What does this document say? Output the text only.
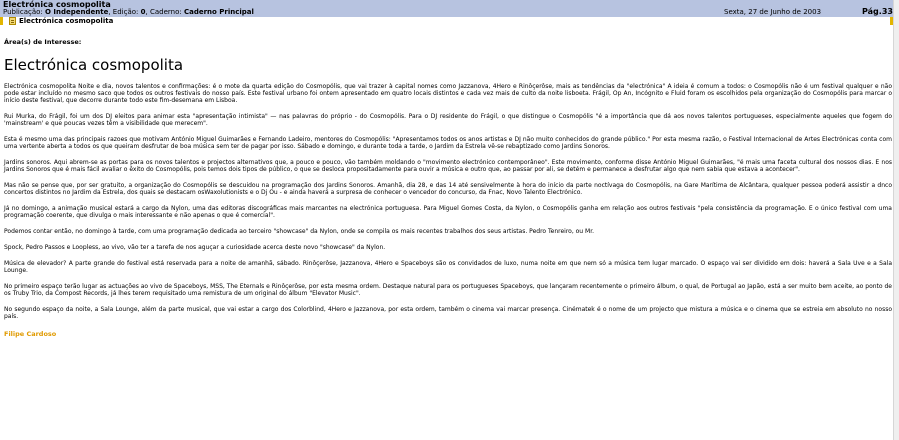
Electrónica cosmopolita
Publicação: O Independente, Edição: 0, Caderno: Caderno Principal	Sexta, 27 de Junho de 2003	Pág.33
Electrónica cosmopolita

Área(s) de Interesse:

Electrónica cosmopolita

Electrónica cosmopolita Noite e dia, novos talentos e confirmações: é o mote da quarta edição do Cosmopólis, que vai trazer à capital nomes como Jazzanova, 4Hero e Rinôçerôse, mais as tendências da "electrónica" A ideia é comum a todos: o Cosmopólis não é um festival qualquer e não pode estar incluído no mesmo saco que todos os outros festivais do nosso país. Este festival urbano foi ontem apresentado em quatro locais distintos e cada vez mais de culto da noite lisboeta. Frágil, Op An, Incógnito e Fluid foram os escolhidos pela organização do Cosmopólis para marcar o início deste festival, que decorre durante todo este fim-desemana em Lisboa.

Rui Murka, do Frágil, foi um dos DJ eleitos para animar esta "apresentação intimista" — nas palavras do próprio - do Cosmopólis. Para o DJ residente do Frágil, o que distingue o Cosmopólis "é a importância que dá aos novos talentos portugueses, especialmente aqueles que fogem do 'mainstream' e que poucas vezes têm a visibilidade que merecem".

Esta é mesmo uma das principais razoes que motivam António Miguel Guimarães e Fernando Ladeiro, mentores do Cosmopólis: "Apresentamos todos os anos artistas e DJ não muito conhecidos do grande público." Por esta mesma razão, o Festival Internacional de Artes Electrónicas conta com uma vertente aberta a todos os que queiram desfrutar de boa música sem ter de pagar por isso. Sábado e domingo, e durante toda a tarde, o Jardim da Estrela vê-se rebaptizado como Jardins Sonoros.

Jardins sonoros. Aqui abrem-se as portas para os novos talentos e projectos alternativos que, a pouco e pouco, vão também moldando o "movimento electrónico contemporâneo". Este movimento, conforme disse António Miguel Guimarães, "é mais uma faceta cultural dos nossos dias. E nos Jardins Sonoros que é mais fácil avaliar o êxito do Cosmopólis, pois temos dois tipos de público, o que se desloca propositadamente para ouvir a música e outro que, ao passar por ali, se detém e permanece a desfrutar algo que nem sabia que estava a acontecer".

Mas não se pense que, por ser gratuito, a organização do Cosmopólis se descuidou na programação dos Jardins Sonoros. Amanhã, dia 28, e das 14 até sensivelmente à hora do início da parte noctívaga do Cosmopólis, na Gare Marítima de Alcântara, qualquer pessoa poderá assistir a dnco concertos distintos no Jardim da Estrela, dos quais se destacam osWaxolutionists e o Dj Ou - e ainda haverá a surpresa de conhecer o vencedor do concurso, da Fnac, Novo Talento Electrónico.

Já no domingo, a animação musical estará a cargo da Nylon, uma das editoras discográficas mais marcantes na electrónica portuguesa. Para Miguel Gomes Costa, da Nylon, o Cosmopólis ganha em relação aos outros festivais "pela consistência da programação. E o único festival com uma programação coerente, que divulga o mais interessante e não apenas o que é comercial".

Podemos contar então, no domingo à tarde, com uma programação dedicada ao terceiro "showcase" da Nylon, onde se compila os mais recentes trabalhos dos seus artistas. Pedro Tenreiro, ou Mr.

Spock, Pedro Passos e Loopless, ao vivo, vão ter a tarefa de nos aguçar a curiosidade acerca deste novo "showcase" da Nylon.

Música de elevador? A parte grande do festival está reservada para a noite de amanhã, sábado. Rinôçerôse, Jazzanova, 4Hero e Spaceboys são os convidados de luxo, numa noite em que nem só a música tem lugar marcado. O espaço vai ser dividido em dois: haverá a Sala Uve e a Sala Lounge.

No primeiro espaço terão lugar as actuações ao vivo de Spaceboys, MSS, The Eternals e Rinôçerôse, por esta mesma ordem. Destaque natural para os portugueses Spaceboys, que lançaram recentemente o primeiro álbum, o qual, de Portugal ao Japão, está a ser muito bem aceite, ao ponto de os Truby Trio, da Compost Records, já lhes terem requisitado uma remistura de um original do álbum "Elevator Music".

No segundo espaço da noite, a Sala Lounge, além da parte musical, que vai estar a cargo dos Colorblind, 4Hero e Jazzanova, por esta ordem, também o cinema vai marcar presença. Cinématek é o nome de um projecto que mistura a música e o cinema que se estreia em absoluto no nosso país.

Filipe Cardoso
